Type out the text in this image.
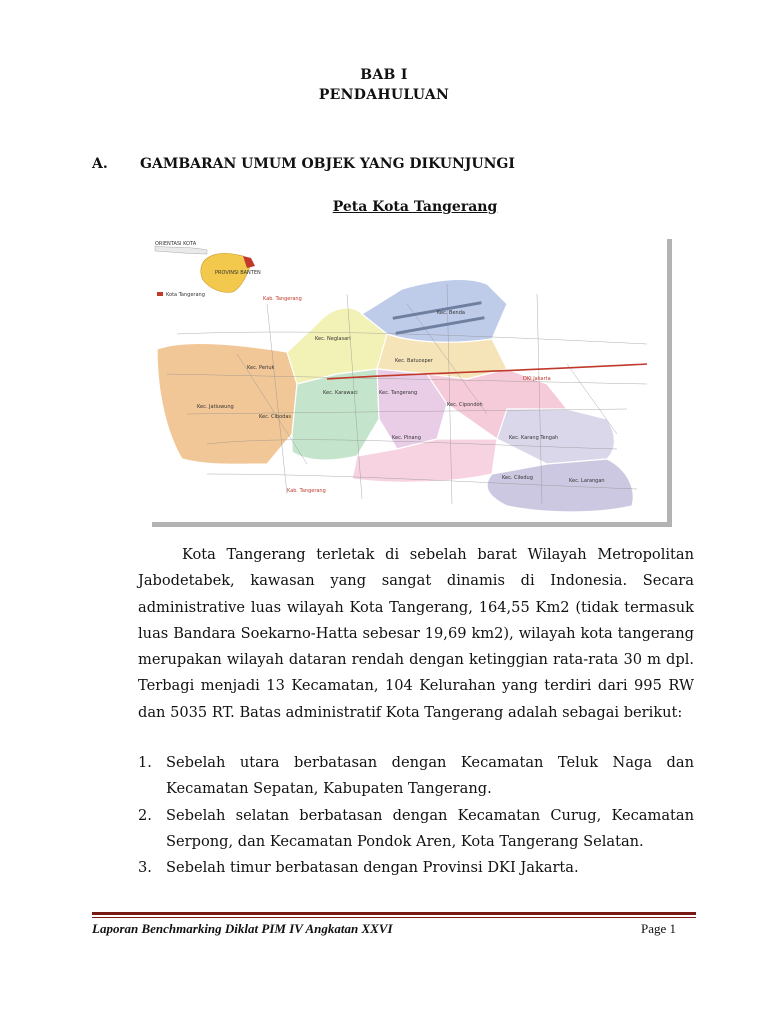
BAB I
PENDAHULUAN
A. GAMBARAN UMUM OBJEK YANG DIKUNJUNGI
Peta Kota Tangerang
ORIENTASI KOTA
PROVINSI BANTEN
Kota Tangerang
Kab. Tangerang
Kec. Neglasari
Kec. Benda
Kec. Batuceper
Kec. Periuk
Kec. Karawaci	Kec. Tangerang
Kec. Cipondoh
Kec. Jatiuwung
Kec. Cibodas
Kec. Pinang	Kec. Karang Tengah
Kec. Ciledug	Kec. Larangan
DKI Jakarta
Kab. Tangerang

Kota Tangerang terletak di sebelah barat Wilayah Metropolitan Jabodetabek, kawasan yang sangat dinamis di Indonesia. Secara administrative luas wilayah Kota Tangerang, 164,55 Km2 (tidak termasuk luas Bandara Soekarno-Hatta sebesar 19,69 km2), wilayah kota tangerang merupakan wilayah dataran rendah dengan ketinggian rata-rata 30 m dpl. Terbagi menjadi 13 Kecamatan, 104 Kelurahan yang terdiri dari 995 RW dan 5035 RT. Batas administratif Kota Tangerang adalah sebagai berikut:

1. Sebelah utara berbatasan dengan Kecamatan Teluk Naga dan Kecamatan Sepatan, Kabupaten Tangerang.
2. Sebelah selatan berbatasan dengan Kecamatan Curug, Kecamatan Serpong, dan Kecamatan Pondok Aren, Kota Tangerang Selatan.
3. Sebelah timur berbatasan dengan Provinsi DKI Jakarta.
Laporan Benchmarking Diklat PIM IV Angkatan XXVI	Page 1
